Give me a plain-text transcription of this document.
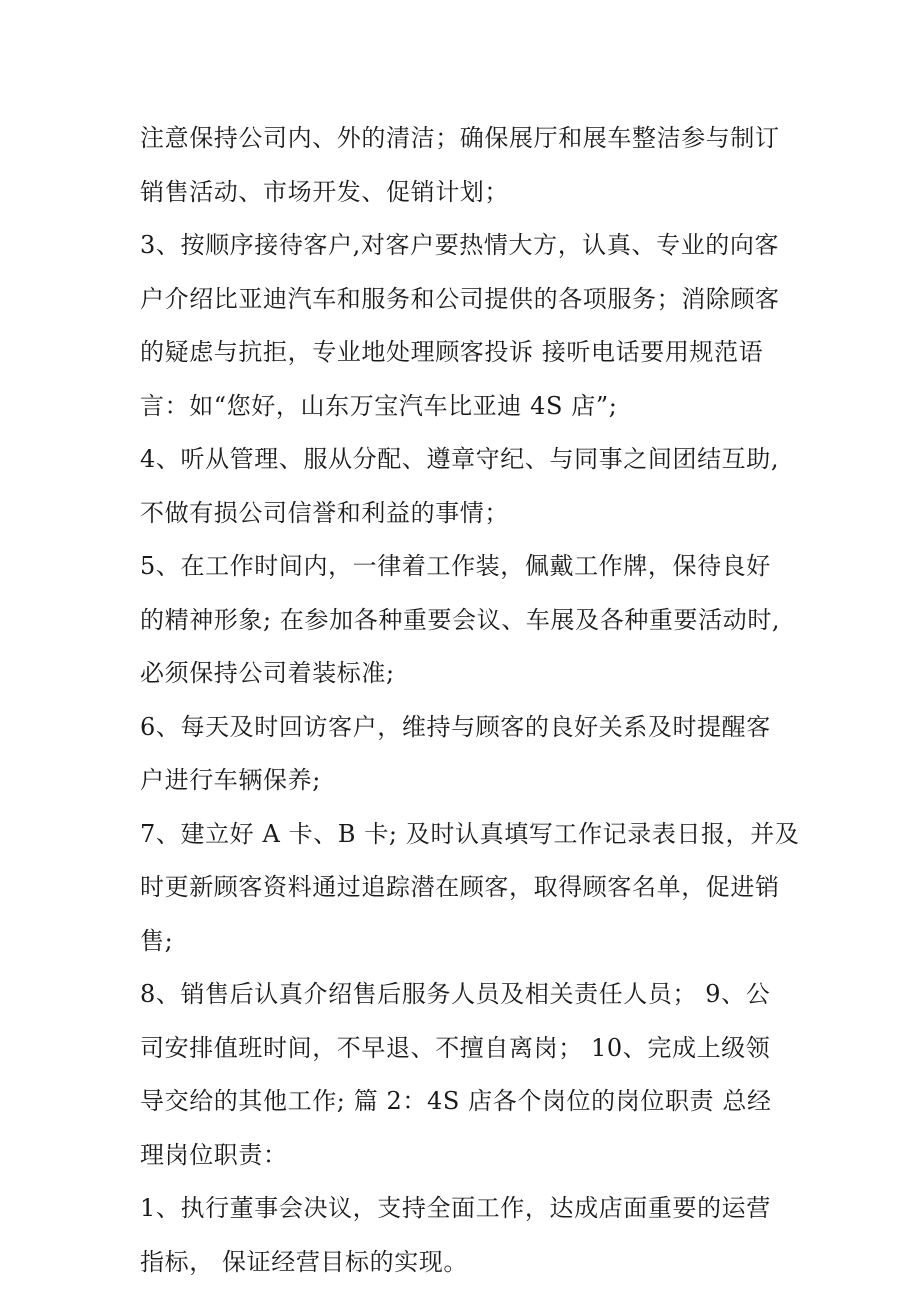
注意保持公司内、外的清洁；确保展厅和展车整洁参与制订
销售活动、市场开发、促销计划；
3、按顺序接待客户,对客户要热情大方，认真、专业的向客
户介绍比亚迪汽车和服务和公司提供的各项服务；消除顾客
的疑虑与抗拒，专业地处理顾客投诉 接听电话要用规范语
言：如“您好，山东万宝汽车比亚迪 4S 店”;
4、听从管理、服从分配、遵章守纪、与同事之间团结互助,
不做有损公司信誉和利益的事情；
5、在工作时间内，一律着工作装，佩戴工作牌，保待良好
的精神形象; 在参加各种重要会议、车展及各种重要活动时,
必须保持公司着装标准;
6、每天及时回访客户，维持与顾客的良好关系及时提醒客
户进行车辆保养;
7、建立好 A 卡、B 卡; 及时认真填写工作记录表日报，并及
时更新顾客资料通过追踪潜在顾客，取得顾客名单，促进销
售;
8、销售后认真介绍售后服务人员及相关责任人员； 9、公
司安排值班时间，不早退、不擅自离岗； 10、完成上级领
导交给的其他工作; 篇 2：4S 店各个岗位的岗位职责 总经
理岗位职责：
1、执行董事会决议，支持全面工作，达成店面重要的运营
指标， 保证经营目标的实现。
